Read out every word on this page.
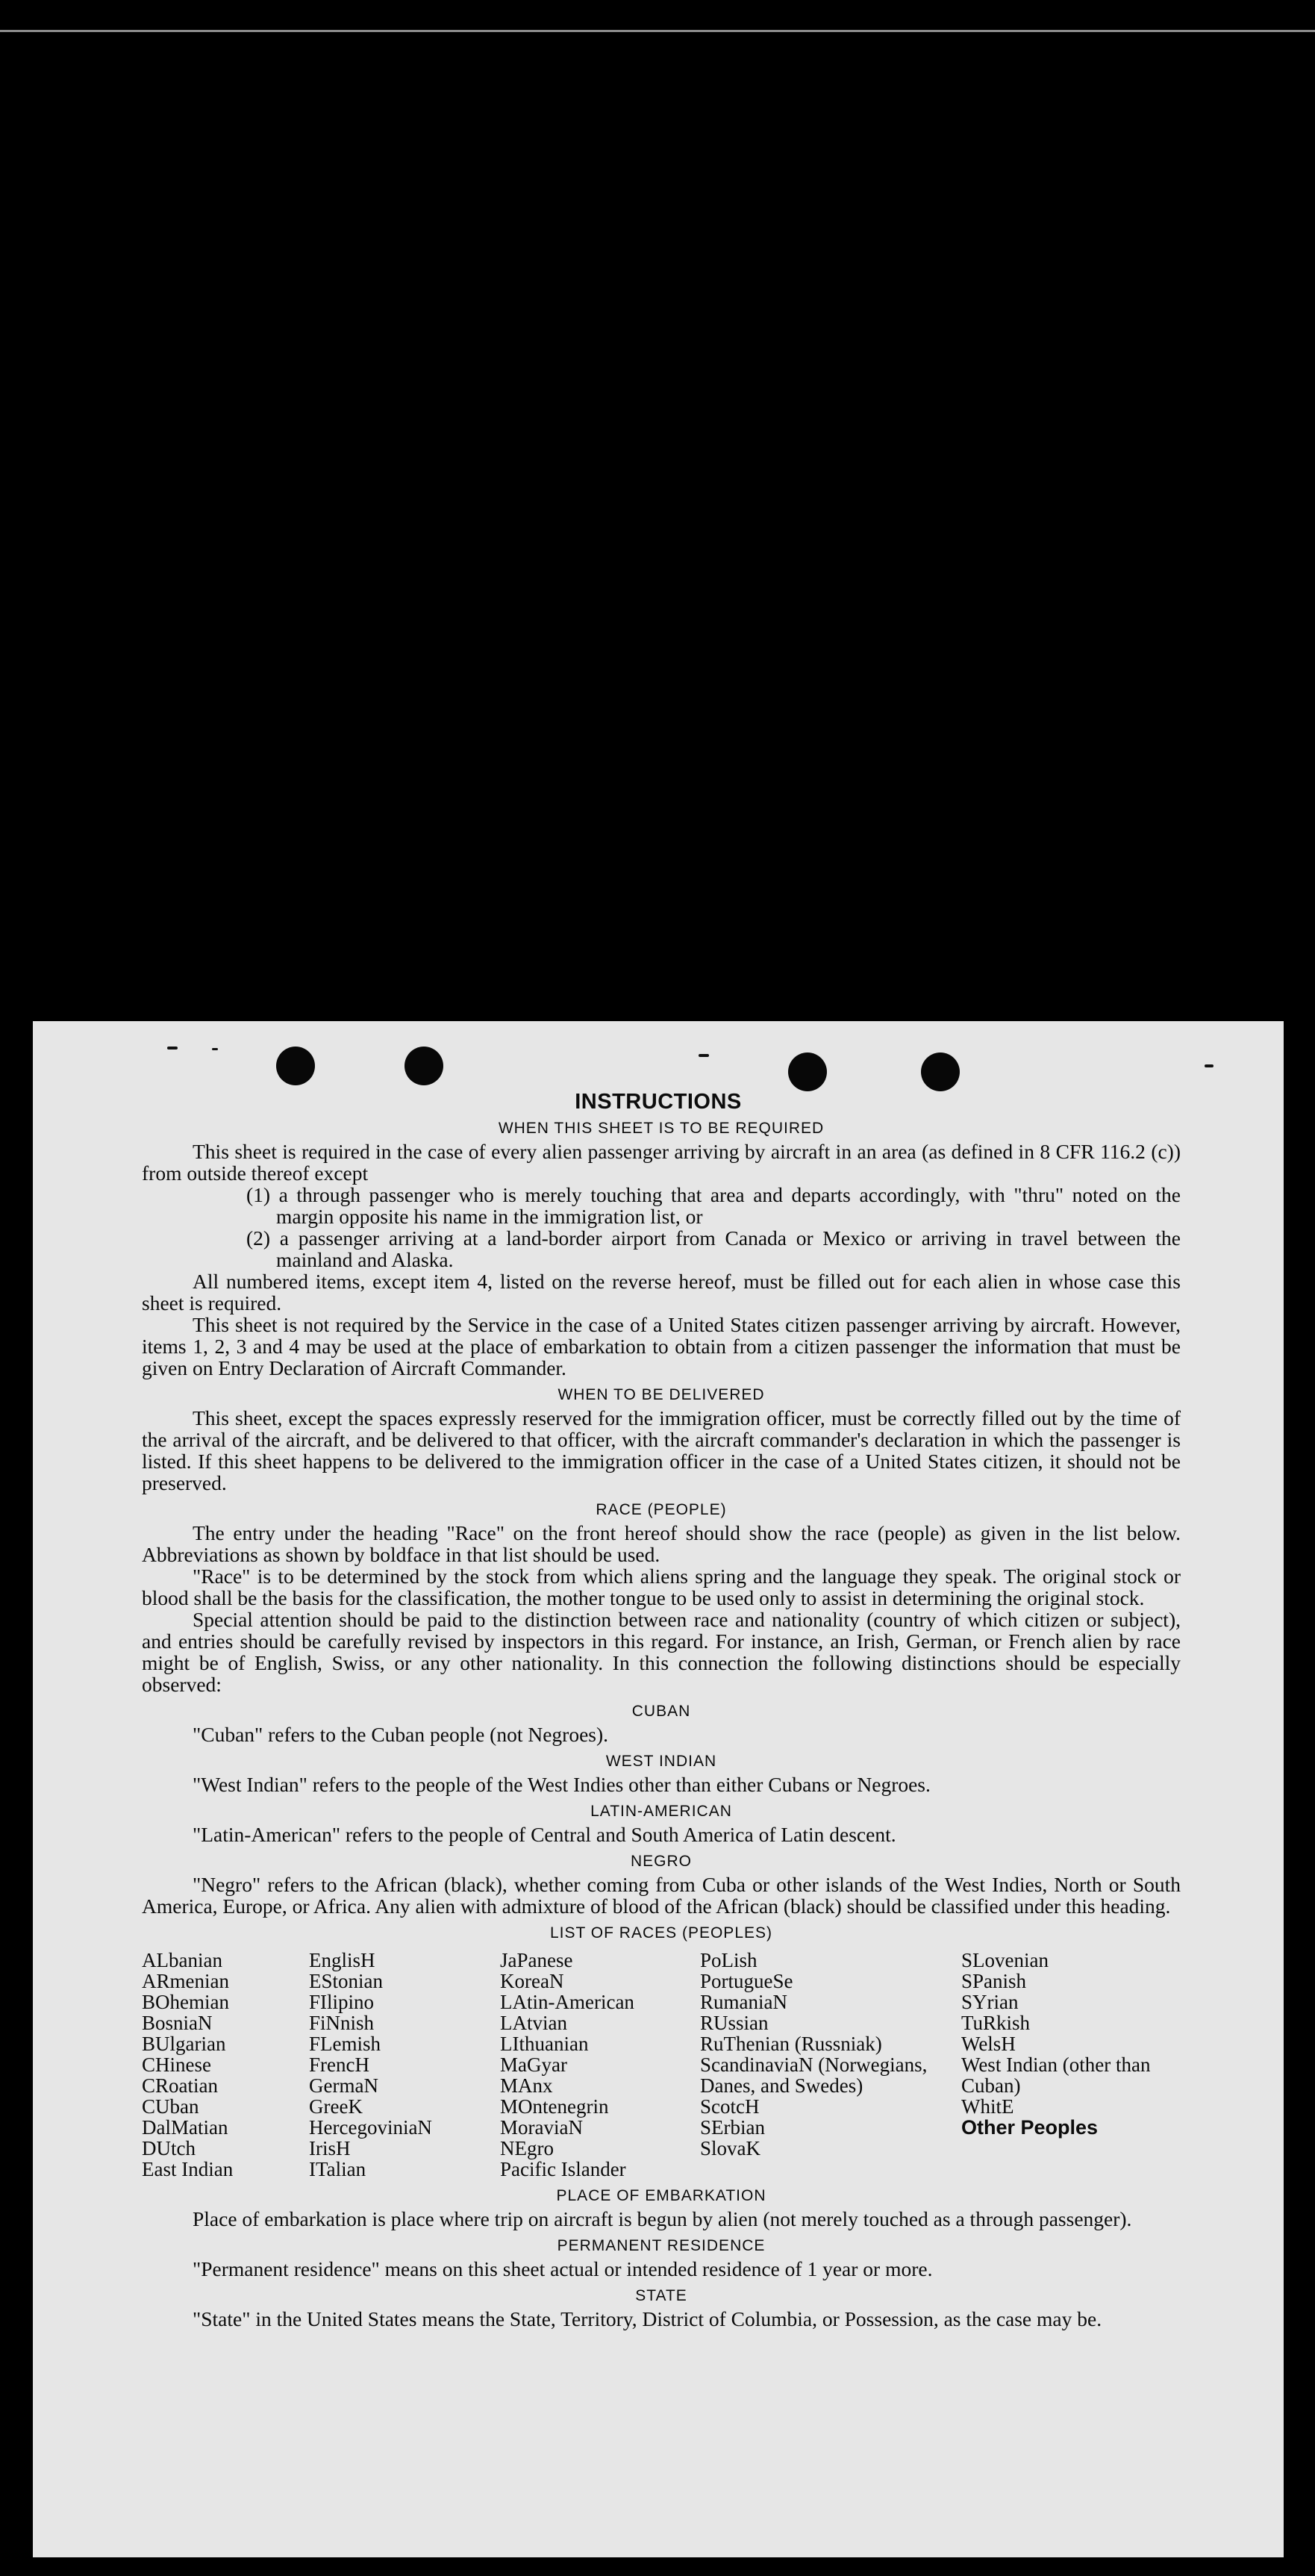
INSTRUCTIONS
WHEN THIS SHEET IS TO BE REQUIRED

This sheet is required in the case of every alien passenger arriving by aircraft in an area (as defined in 8 CFR 116.2 (c)) from outside thereof except

(1) a through passenger who is merely touching that area and departs accordingly, with "thru" noted on the margin opposite his name in the immigration list, or

(2) a passenger arriving at a land-border airport from Canada or Mexico or arriving in travel between the mainland and Alaska.

All numbered items, except item 4, listed on the reverse hereof, must be filled out for each alien in whose case this sheet is required.

This sheet is not required by the Service in the case of a United States citizen passenger arriving by aircraft. However, items 1, 2, 3 and 4 may be used at the place of embarkation to obtain from a citizen passenger the information that must be given on Entry Declaration of Aircraft Commander.

WHEN TO BE DELIVERED

This sheet, except the spaces expressly reserved for the immigration officer, must be correctly filled out by the time of the arrival of the aircraft, and be delivered to that officer, with the aircraft commander's declaration in which the passenger is listed. If this sheet happens to be delivered to the immigration officer in the case of a United States citizen, it should not be preserved.

RACE (PEOPLE)

The entry under the heading "Race" on the front hereof should show the race (people) as given in the list below. Abbreviations as shown by boldface in that list should be used.

"Race" is to be determined by the stock from which aliens spring and the language they speak. The original stock or blood shall be the basis for the classification, the mother tongue to be used only to assist in determining the original stock.

Special attention should be paid to the distinction between race and nationality (country of which citizen or subject), and entries should be carefully revised by inspectors in this regard. For instance, an Irish, German, or French alien by race might be of English, Swiss, or any other nationality. In this connection the following distinctions should be especially observed:

CUBAN

"Cuban" refers to the Cuban people (not Negroes).

WEST INDIAN

"West Indian" refers to the people of the West Indies other than either Cubans or Negroes.

LATIN-AMERICAN

"Latin-American" refers to the people of Central and South America of Latin descent.

NEGRO

"Negro" refers to the African (black), whether coming from Cuba or other islands of the West Indies, North or South America, Europe, or Africa. Any alien with admixture of blood of the African (black) should be classified under this heading.

LIST OF RACES (PEOPLES)
ALbanian
ARmenian
BOhemian
BosniaN
BUlgarian
CHinese
CRoatian
CUban
DalMatian
DUtch
East Indian
EnglisH
EStonian
FIlipino
FiNnish
FLemish
FrencH
GermaN
GreeK
HercegoviniaN
IrisH
ITalian
JaPanese
KoreaN
LAtin-American
LAtvian
LIthuanian
MaGyar
MAnx
MOntenegrin
MoraviaN
NEgro
Pacific Islander
PoLish
PortugueSe
RumaniaN
RUssian
RuThenian (Russniak)
ScandinaviaN (Norwegians, Danes, and Swedes)
ScotcH
SErbian
SlovaK
SLovenian
SPanish
SYrian
TuRkish
WelsH
West Indian (other than Cuban)
WhitE
Other Peoples
PLACE OF EMBARKATION

Place of embarkation is place where trip on aircraft is begun by alien (not merely touched as a through passenger).

PERMANENT RESIDENCE

"Permanent residence" means on this sheet actual or intended residence of 1 year or more.

STATE

"State" in the United States means the State, Territory, District of Columbia, or Possession, as the case may be.
